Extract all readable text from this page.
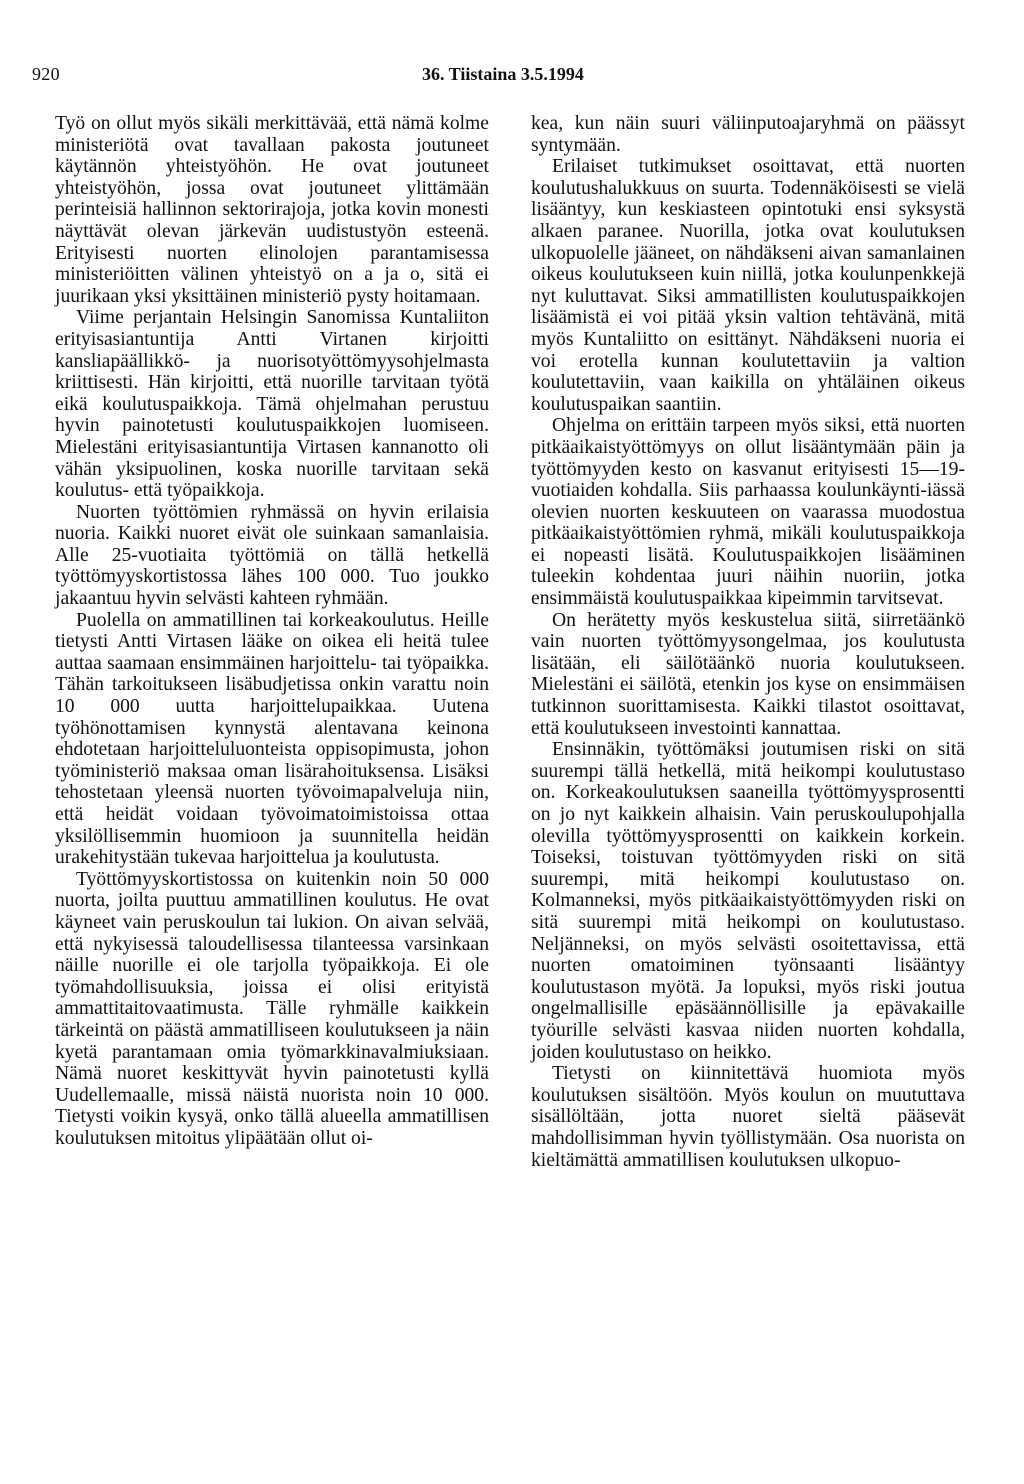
920	36. Tiistaina 3.5.1994

Työ on ollut myös sikäli merkittävää, että nämä kolme ministeriötä ovat tavallaan pakosta joutuneet käytännön yhteistyöhön. He ovat joutuneet yhteistyöhön, jossa ovat joutuneet ylittämään perinteisiä hallinnon sektorirajoja, jotka kovin monesti näyttävät olevan järkevän uudistustyön esteenä. Erityisesti nuorten elinolojen parantamisessa ministeriöitten välinen yhteistyö on a ja o, sitä ei juurikaan yksi yksittäinen ministeriö pysty hoitamaan.

Viime perjantain Helsingin Sanomissa Kuntaliiton erityisasiantuntija Antti Virtanen kirjoitti kansliapäällikkö- ja nuorisotyöttömyysohjelmasta kriittisesti. Hän kirjoitti, että nuorille tarvitaan työtä eikä koulutuspaikkoja. Tämä ohjelmahan perustuu hyvin painotetusti koulutuspaikkojen luomiseen. Mielestäni erityisasiantuntija Virtasen kannanotto oli vähän yksipuolinen, koska nuorille tarvitaan sekä koulutus- että työpaikkoja.

Nuorten työttömien ryhmässä on hyvin erilaisia nuoria. Kaikki nuoret eivät ole suinkaan samanlaisia. Alle 25-vuotiaita työttömiä on tällä hetkellä työttömyyskortistossa lähes 100 000. Tuo joukko jakaantuu hyvin selvästi kahteen ryhmään.

Puolella on ammatillinen tai korkeakoulutus. Heille tietysti Antti Virtasen lääke on oikea eli heitä tulee auttaa saamaan ensimmäinen harjoittelu- tai työpaikka. Tähän tarkoitukseen lisäbudjetissa onkin varattu noin 10 000 uutta harjoittelupaikkaa. Uutena työhönottamisen kynnystä alentavana keinona ehdotetaan harjoitteluluonteista oppisopimusta, johon työministeriö maksaa oman lisärahoituksensa. Lisäksi tehostetaan yleensä nuorten työvoimapalveluja niin, että heidät voidaan työvoimatoimistoissa ottaa yksilöllisemmin huomioon ja suunnitella heidän urakehitystään tukevaa harjoittelua ja koulutusta.

Työttömyyskortistossa on kuitenkin noin 50 000 nuorta, joilta puuttuu ammatillinen koulutus. He ovat käyneet vain peruskoulun tai lukion. On aivan selvää, että nykyisessä taloudellisessa tilanteessa varsinkaan näille nuorille ei ole tarjolla työpaikkoja. Ei ole työmahdollisuuksia, joissa ei olisi erityistä ammattitaitovaatimusta. Tälle ryhmälle kaikkein tärkeintä on päästä ammatilliseen koulutukseen ja näin kyetä parantamaan omia työmarkkinavalmiuksiaan. Nämä nuoret keskittyvät hyvin painotetusti kyllä Uudellemaalle, missä näistä nuorista noin 10 000. Tietysti voikin kysyä, onko tällä alueella ammatillisen koulutuksen mitoitus ylipäätään ollut oi-

kea, kun näin suuri väliinputoajaryhmä on päässyt syntymään.

Erilaiset tutkimukset osoittavat, että nuorten koulutushalukkuus on suurta. Todennäköisesti se vielä lisääntyy, kun keskiasteen opintotuki ensi syksystä alkaen paranee. Nuorilla, jotka ovat koulutuksen ulkopuolelle jääneet, on nähdäkseni aivan samanlainen oikeus koulutukseen kuin niillä, jotka koulunpenkkejä nyt kuluttavat. Siksi ammatillisten koulutuspaikkojen lisäämistä ei voi pitää yksin valtion tehtävänä, mitä myös Kuntaliitto on esittänyt. Nähdäkseni nuoria ei voi erotella kunnan koulutettaviin ja valtion koulutettaviin, vaan kaikilla on yhtäläinen oikeus koulutuspaikan saantiin.

Ohjelma on erittäin tarpeen myös siksi, että nuorten pitkäaikaistyöttömyys on ollut lisääntymään päin ja työttömyyden kesto on kasvanut erityisesti 15—19-vuotiaiden kohdalla. Siis parhaassa koulunkäynti-iässä olevien nuorten keskuuteen on vaarassa muodostua pitkäaikaistyöttömien ryhmä, mikäli koulutuspaikkoja ei nopeasti lisätä. Koulutuspaikkojen lisääminen tuleekin kohdentaa juuri näihin nuoriin, jotka ensimmäistä koulutuspaikkaa kipeimmin tarvitsevat.

On herätetty myös keskustelua siitä, siirretäänkö vain nuorten työttömyysongelmaa, jos koulutusta lisätään, eli säilötäänkö nuoria koulutukseen. Mielestäni ei säilötä, etenkin jos kyse on ensimmäisen tutkinnon suorittamisesta. Kaikki tilastot osoittavat, että koulutukseen investointi kannattaa.

Ensinnäkin, työttömäksi joutumisen riski on sitä suurempi tällä hetkellä, mitä heikompi koulutustaso on. Korkeakoulutuksen saaneilla työttömyysprosentti on jo nyt kaikkein alhaisin. Vain peruskoulupohjalla olevilla työttömyysprosentti on kaikkein korkein. Toiseksi, toistuvan työttömyyden riski on sitä suurempi, mitä heikompi koulutustaso on. Kolmanneksi, myös pitkäaikaistyöttömyyden riski on sitä suurempi mitä heikompi on koulutustaso. Neljänneksi, on myös selvästi osoitettavissa, että nuorten omatoiminen työnsaanti lisääntyy koulutustason myötä. Ja lopuksi, myös riski joutua ongelmallisille epäsäännöllisille ja epävakaille työurille selvästi kasvaa niiden nuorten kohdalla, joiden koulutustaso on heikko.

Tietysti on kiinnitettävä huomiota myös koulutuksen sisältöön. Myös koulun on muututtava sisällöltään, jotta nuoret sieltä pääsevät mahdollisimman hyvin työllistymään. Osa nuorista on kieltämättä ammatillisen koulutuksen ulkopuo-
